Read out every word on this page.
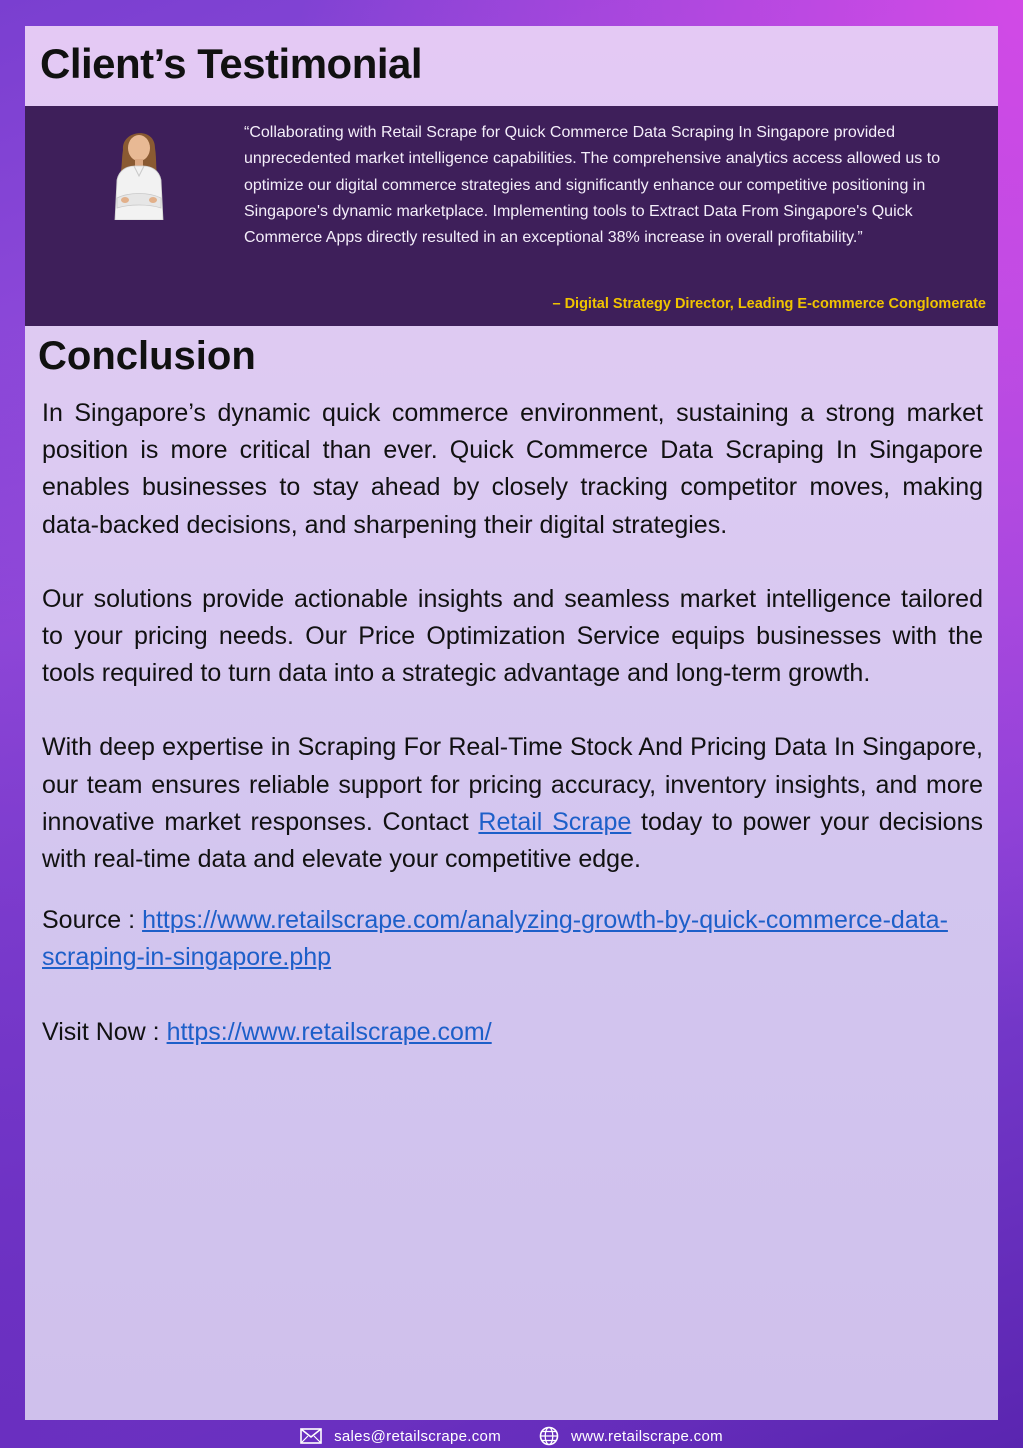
Client’s Testimonial

“Collaborating with Retail Scrape for Quick Commerce Data Scraping In Singapore provided unprecedented market intelligence capabilities. The comprehensive analytics access allowed us to optimize our digital commerce strategies and significantly enhance our competitive positioning in Singapore's dynamic marketplace. Implementing tools to Extract Data From Singapore's Quick Commerce Apps directly resulted in an exceptional 38% increase in overall profitability.”

– Digital Strategy Director, Leading E-commerce Conglomerate
Conclusion

In Singapore’s dynamic quick commerce environment, sustaining a strong market position is more critical than ever. Quick Commerce Data Scraping In Singapore enables businesses to stay ahead by closely tracking competitor moves, making data-backed decisions, and sharpening their digital strategies.

Our solutions provide actionable insights and seamless market intelligence tailored to your pricing needs. Our Price Optimization Service equips businesses with the tools required to turn data into a strategic advantage and long-term growth.

With deep expertise in Scraping For Real-Time Stock And Pricing Data In Singapore, our team ensures reliable support for pricing accuracy, inventory insights, and more innovative market responses. Contact Retail Scrape today to power your decisions with real-time data and elevate your competitive edge.

Source : https://www.retailscrape.com/analyzing-growth-by-quick-commerce-data-scraping-in-singapore.php

Visit Now : https://www.retailscrape.com/

sales@retailscrape.com	www.retailscrape.com
